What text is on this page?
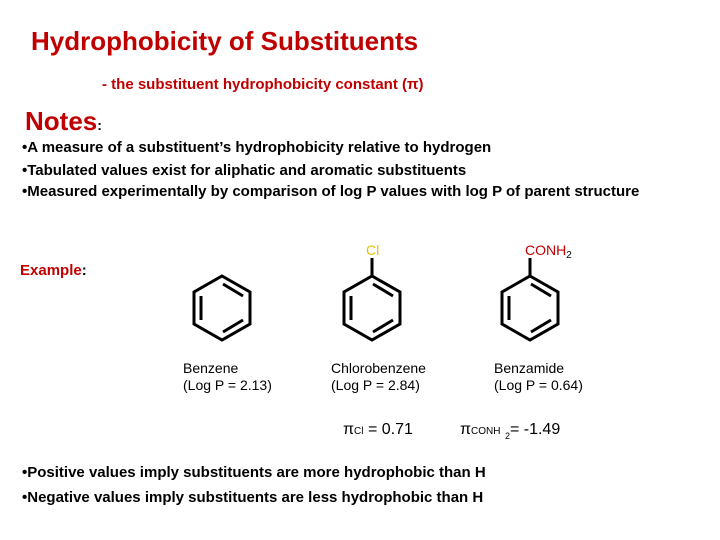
Hydrophobicity of Substituents
- the substituent hydrophobicity constant (π)
Notes:
•A measure of a substituent’s hydrophobicity relative to hydrogen
•Tabulated values exist for aliphatic and aromatic substituents
•Measured experimentally by comparison of log P values with log P of parent structure
Example:
Cl	$CONH_2$
Benzene
(Log P = 2.13)
Chlorobenzene
(Log P = 2.84)
Benzamide
(Log P = 0.64)
πCl = 0.71	πCONH $_2$= -1.49
•Positive values imply substituents are more hydrophobic than H
•Negative values imply substituents are less hydrophobic than H
